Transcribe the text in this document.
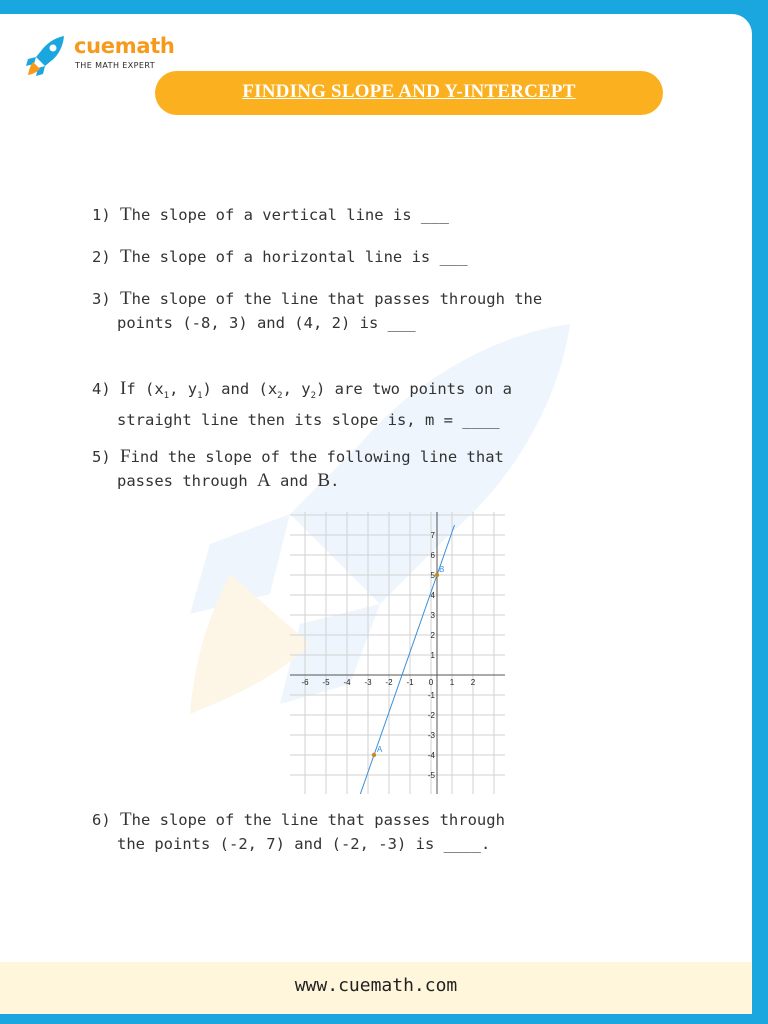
cuemath
THE MATH EXPERT
FINDING SLOPE AND Y-INTERCEPT
1) The slope of a vertical line is ___
2) The slope of a horizontal line is ___
3) The slope of the line that passes through the
points (-8, 3) and (4, 2) is ___
4) If ($x_1$, $y_1$) and ($x_2$, $y_2$) are two points on a
straight line then its slope is, m = ____
5) Find the slope of the following line that
passes through A and B.
-6 -5 -4 -3 -2 -1 0 1 2
7
6
5
4
3
2
1
-1
-2
-3
-4
-5
A
B
6) The slope of the line that passes through
the points (-2, 7) and (-2, -3) is ____.
www.cuemath.com
